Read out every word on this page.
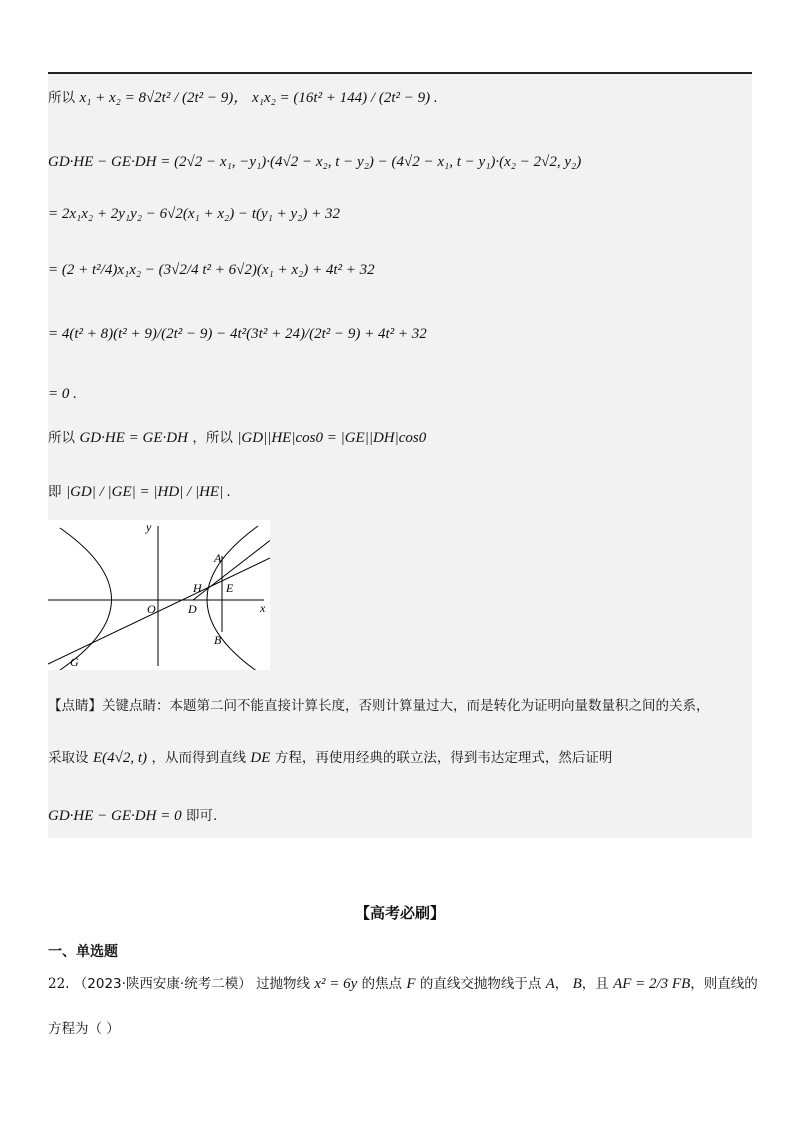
所以 x₁ + x₂ = 8√2t² / (2t² − 9)， x₁x₂ = (16t² + 144) / (2t² − 9) .
GD·HE − GE·DH = (2√2 − x₁, −y₁)·(4√2 − x₂, t − y₂) − (4√2 − x₁, t − y₁)·(x₂ − 2√2, y₂)
= 2x₁x₂ + 2y₁y₂ − 6√2(x₁ + x₂) − t(y₁ + y₂) + 32
= (2 + t²/4)x₁x₂ − (3√2/4 t² + 6√2)(x₁ + x₂) + 4t² + 32
= 4(t² + 8)(t² + 9)/(2t² − 9) − 4t²(3t² + 24)/(2t² − 9) + 4t² + 32
= 0 .
所以 GD·HE = GE·DH ，所以 |GD||HE|cos0 = |GE||DH|cos0
即 |GD| / |GE| = |HD| / |HE| .
y
x
O	D
H E
A
B
G
【点睛】关键点睛：本题第二问不能直接计算长度，否则计算量过大，而是转化为证明向量数量积之间的关系，
采取设 E(4√2, t) ，从而得到直线 DE 方程，再使用经典的联立法，得到韦达定理式，然后证明
GD·HE − GE·DH = 0 即可.
【高考必刷】
一、单选题
22. （2023·陕西安康·统考二模） 过抛物线 x² = 6y 的焦点 F 的直线交抛物线于点 A， B，且 AF = 2/3 FB，则直线的
方程为（ ）
